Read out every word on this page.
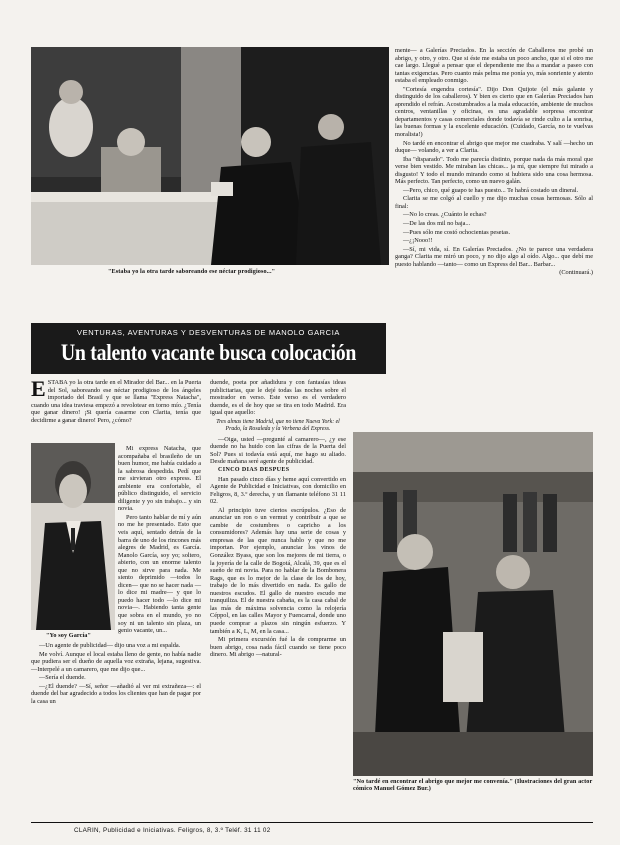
"Estaba yo la otra tarde saboreando ese néctar prodigioso..."
VENTURAS, AVENTURAS Y DESVENTURAS DE MANOLO GARCIA
Un talento vacante busca colocación

ESTABA yo la otra tarde en el Mirador del Bar... en la Puerta del Sol, saboreando ese néctar prodigioso de los ángeles importado del Brasil y que se llama "Express Natacha", cuando una idea traviesa empezó a revolotear en torno mío. ¿Tenía que ganar dinero! ¡Si quería casarme con Clarita, tenía que decidirme a ganar dinero! Pero, ¿cómo?

"Yo soy García"

Mi express Natacha, que acompañaba el brasileño de un buen humor, me había cuidado a la sabrosa despedida. Pedí que me sirvieran otro express. El ambiente era confortable, el público distinguido, el servicio diligente y yo sin trabajo... y sin novia.

Pero tanto hablar de mí y aún no me he presentado. Esto que veis aquí, sentado detrás de la barra de uno de los rincones más alegres de Madrid, es García. Manolo García, soy yo; soltero, abierto, con un enorme talento que no sirve para nada. Me siento deprimido —todos lo dicen— que no se hacer nada —lo dice mi madre— y que lo puedo hacer todo —lo dice mi novia—. Habiendo tanta gente que sobra en el mundo, yo no soy ni un talento sin plaza, un genio vacante, un...

—Un agente de publicidad— dijo una voz a mi espalda.

Me volví. Aunque el local estaba lleno de gente, no había nadie que pudiera ser el dueño de aquella voz extraña, lejana, sugestiva. —Interpelé a un camarero, que me dijo que...

—Sería el duende.

—¿El duende? —Sí, señor —añadió al ver mi extrañeza—: el duende del bar agradecido a todos los clientes que han de pagar por la casa un

duende, poeta por añadidura y con fantasías ideas publicitarias, que le dejé todas las noches sobre el mostrador en verso. Este verso es el verdadero duende, es el de hoy que se tira en todo Madrid. Era igual que aquello:

Tres almas tiene Madrid, que no tiene Nueva York: el Prado, la Rosaleda y la Verbena del Express.

—Oiga, usted —pregunté al camarero—, ¿y ese duende no ha huido con las cifras de la Puerta del Sol? Pues si todavía está aquí, me hago su aliado. Desde mañana seré agente de publicidad.

CINCO DIAS DESPUES

Han pasado cinco días y heme aquí convertido en Agente de Publicidad e Iniciativas, con domicilio en Feligros, 8, 3.º derecha, y un flamante teléfono 31 11 02.

Al principio tuve ciertos escrúpulos. ¿Eso de anunciar un ron o un vermut y contribuir a que se cambie de costumbres o capricho a los consumidores? Además hay una serie de cosas y empresas de las que nunca hablo y que no me importan. Por ejemplo, anunciar los vinos de González Byass, que son los mejores de mi tierra, o la joyería de la calle de Bogotá, Alcalá, 39, que es el sueño de mi novia. Para no hablar de la Bombonera Rags, que es lo mejor de la clase de los de hoy, trabajo de lo más divertido en nada. Es gallo de nuestros escudos. El gallo de nuestro escudo me tranquiliza. El de nuestra cabaña, es la casa cabal de las más de máxima solvencia como la relojería Céppol, en las calles Mayor y Fuencarral, donde uno puede comprar a plazos sin ningún esfuerzo. Y también a K, L, M, en la casa...

Mi primera excursión fué la de comprarme un buen abrigo, cosa nada fácil cuando se tiene poco dinero. Mi abrigo —natural-

mente— a Galerías Preciados. En la sección de Caballeros me probé un abrigo, y otro, y otro. Que si éste me estaba un poco ancho, que si el otro me cae largo. Llegué a pensar que el dependiente me iba a mandar a paseo con tantas exigencias. Pero cuanto más pelma me ponía yo, más sonriente y atento estaba el empleado conmigo.

"Cortesía engendra cortesía". Dijo Don Quijote (el más galante y distinguido de los caballeros). Y bien es cierto que en Galerías Preciados han aprendido el refrán. Acostumbrados a la mala educación, ambiente de muchos centros, ventanillas y oficinas, es una agradable sorpresa encontrar departamentos y casas comerciales donde todavía se rinde culto a la sonrisa, las buenas formas y la excelente educación. (Cuidado, García, no te vuelvas moralista!)

No tardé en encontrar el abrigo que mejor me cuadraba. Y salí —hecho un duque— volando, a ver a Clarita.

Iba "disparado". Todo me parecía distinto, porque nada da más moral que verse bien vestido. Me miraban las chicas... ja mí, que siempre fui mirado a disgusto! Y todo el mundo mirando como si hubiera sido una cosa hermosa. Más perfecto. Tan perfecto, como un nuevo galán.

—Pero, chico, qué guapo te has puesto... Te habrá costado un dineral.

Clarita se me colgó al cuello y me dijo muchas cosas hermosas. Sólo al final:

—No lo creas. ¿Cuánto le echas?

—De las dos mil no baja...

—Pues sólo me costó ochocientas pesetas.

—¿¡Nooo!!

—Sí, mi vida, sí. En Galerías Preciados. ¿No te parece una verdadera ganga? Clarita me miró un poco, y no dijo algo al oído. Algo... que debí me puesto hablando —tanto— como un Express del Bar... Barbar...

(Continuará.)

"No tardé en encontrar el abrigo que mejor me convenía." (Ilustraciones del gran actor cómico Manuel Gómez Bur.)
CLARIN, Publicidad e Iniciativas. Feligros, 8, 3.º Teléf. 31 11 02
